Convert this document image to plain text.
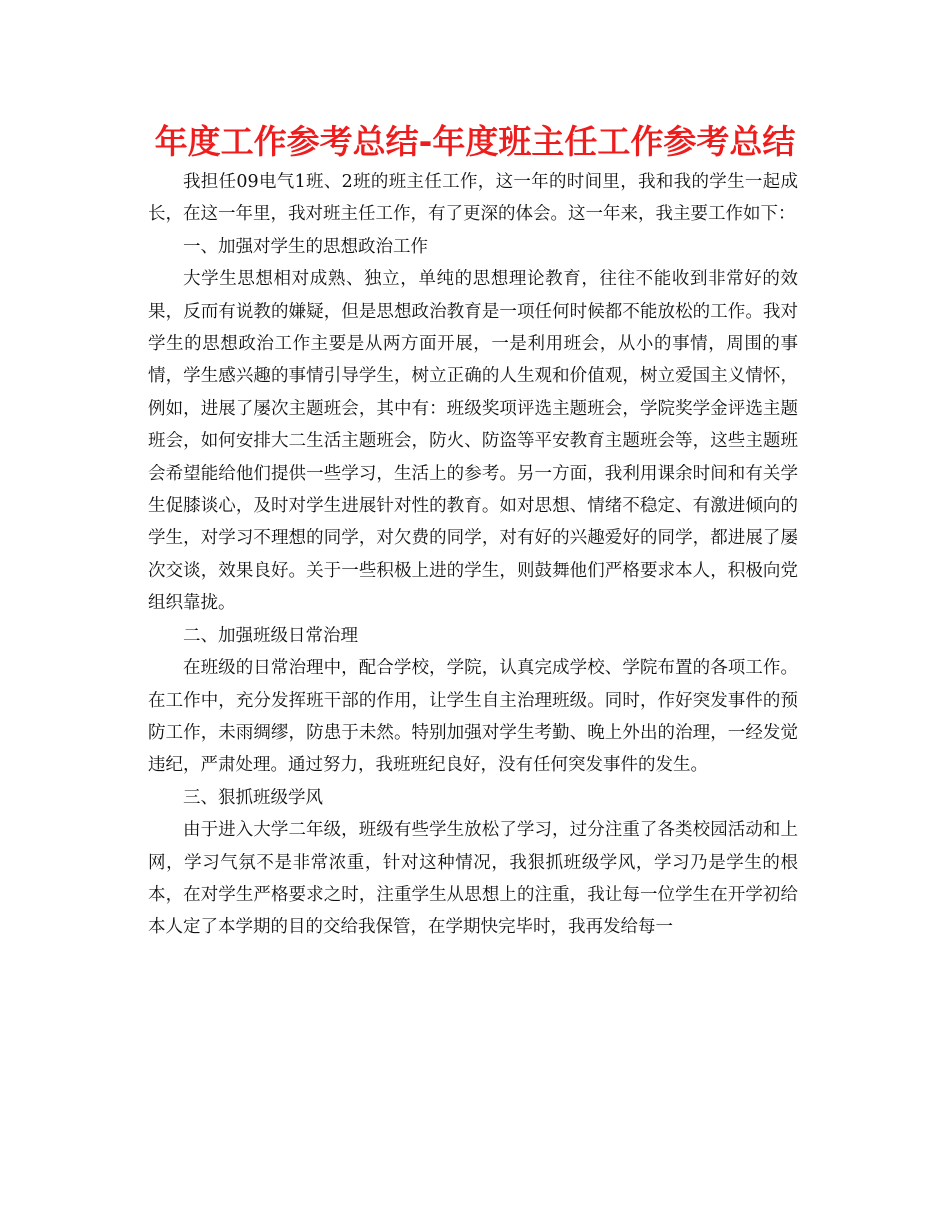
年度工作参考总结-年度班主任工作参考总结

我担任09电气1班、2班的班主任工作，这一年的时间里，我和我的学生一起成长，在这一年里，我对班主任工作，有了更深的体会。这一年来，我主要工作如下：

一、加强对学生的思想政治工作

大学生思想相对成熟、独立，单纯的思想理论教育，往往不能收到非常好的效果，反而有说教的嫌疑，但是思想政治教育是一项任何时候都不能放松的工作。我对学生的思想政治工作主要是从两方面开展，一是利用班会，从小的事情，周围的事情，学生感兴趣的事情引导学生，树立正确的人生观和价值观，树立爱国主义情怀，例如，进展了屡次主题班会，其中有：班级奖项评选主题班会，学院奖学金评选主题班会，如何安排大二生活主题班会，防火、防盗等平安教育主题班会等，这些主题班会希望能给他们提供一些学习，生活上的参考。另一方面，我利用课余时间和有关学生促膝谈心，及时对学生进展针对性的教育。如对思想、情绪不稳定、有激进倾向的学生，对学习不理想的同学，对欠费的同学，对有好的兴趣爱好的同学，都进展了屡次交谈，效果良好。关于一些积极上进的学生，则鼓舞他们严格要求本人，积极向党组织靠拢。

二、加强班级日常治理

在班级的日常治理中，配合学校，学院，认真完成学校、学院布置的各项工作。在工作中，充分发挥班干部的作用，让学生自主治理班级。同时，作好突发事件的预防工作，未雨绸缪，防患于未然。特别加强对学生考勤、晚上外出的治理，一经发觉违纪，严肃处理。通过努力，我班班纪良好，没有任何突发事件的发生。

三、狠抓班级学风

由于进入大学二年级，班级有些学生放松了学习，过分注重了各类校园活动和上网，学习气氛不是非常浓重，针对这种情况，我狠抓班级学风，学习乃是学生的根本，在对学生严格要求之时，注重学生从思想上的注重，我让每一位学生在开学初给本人定了本学期的目的交给我保管，在学期快完毕时，我再发给每一
